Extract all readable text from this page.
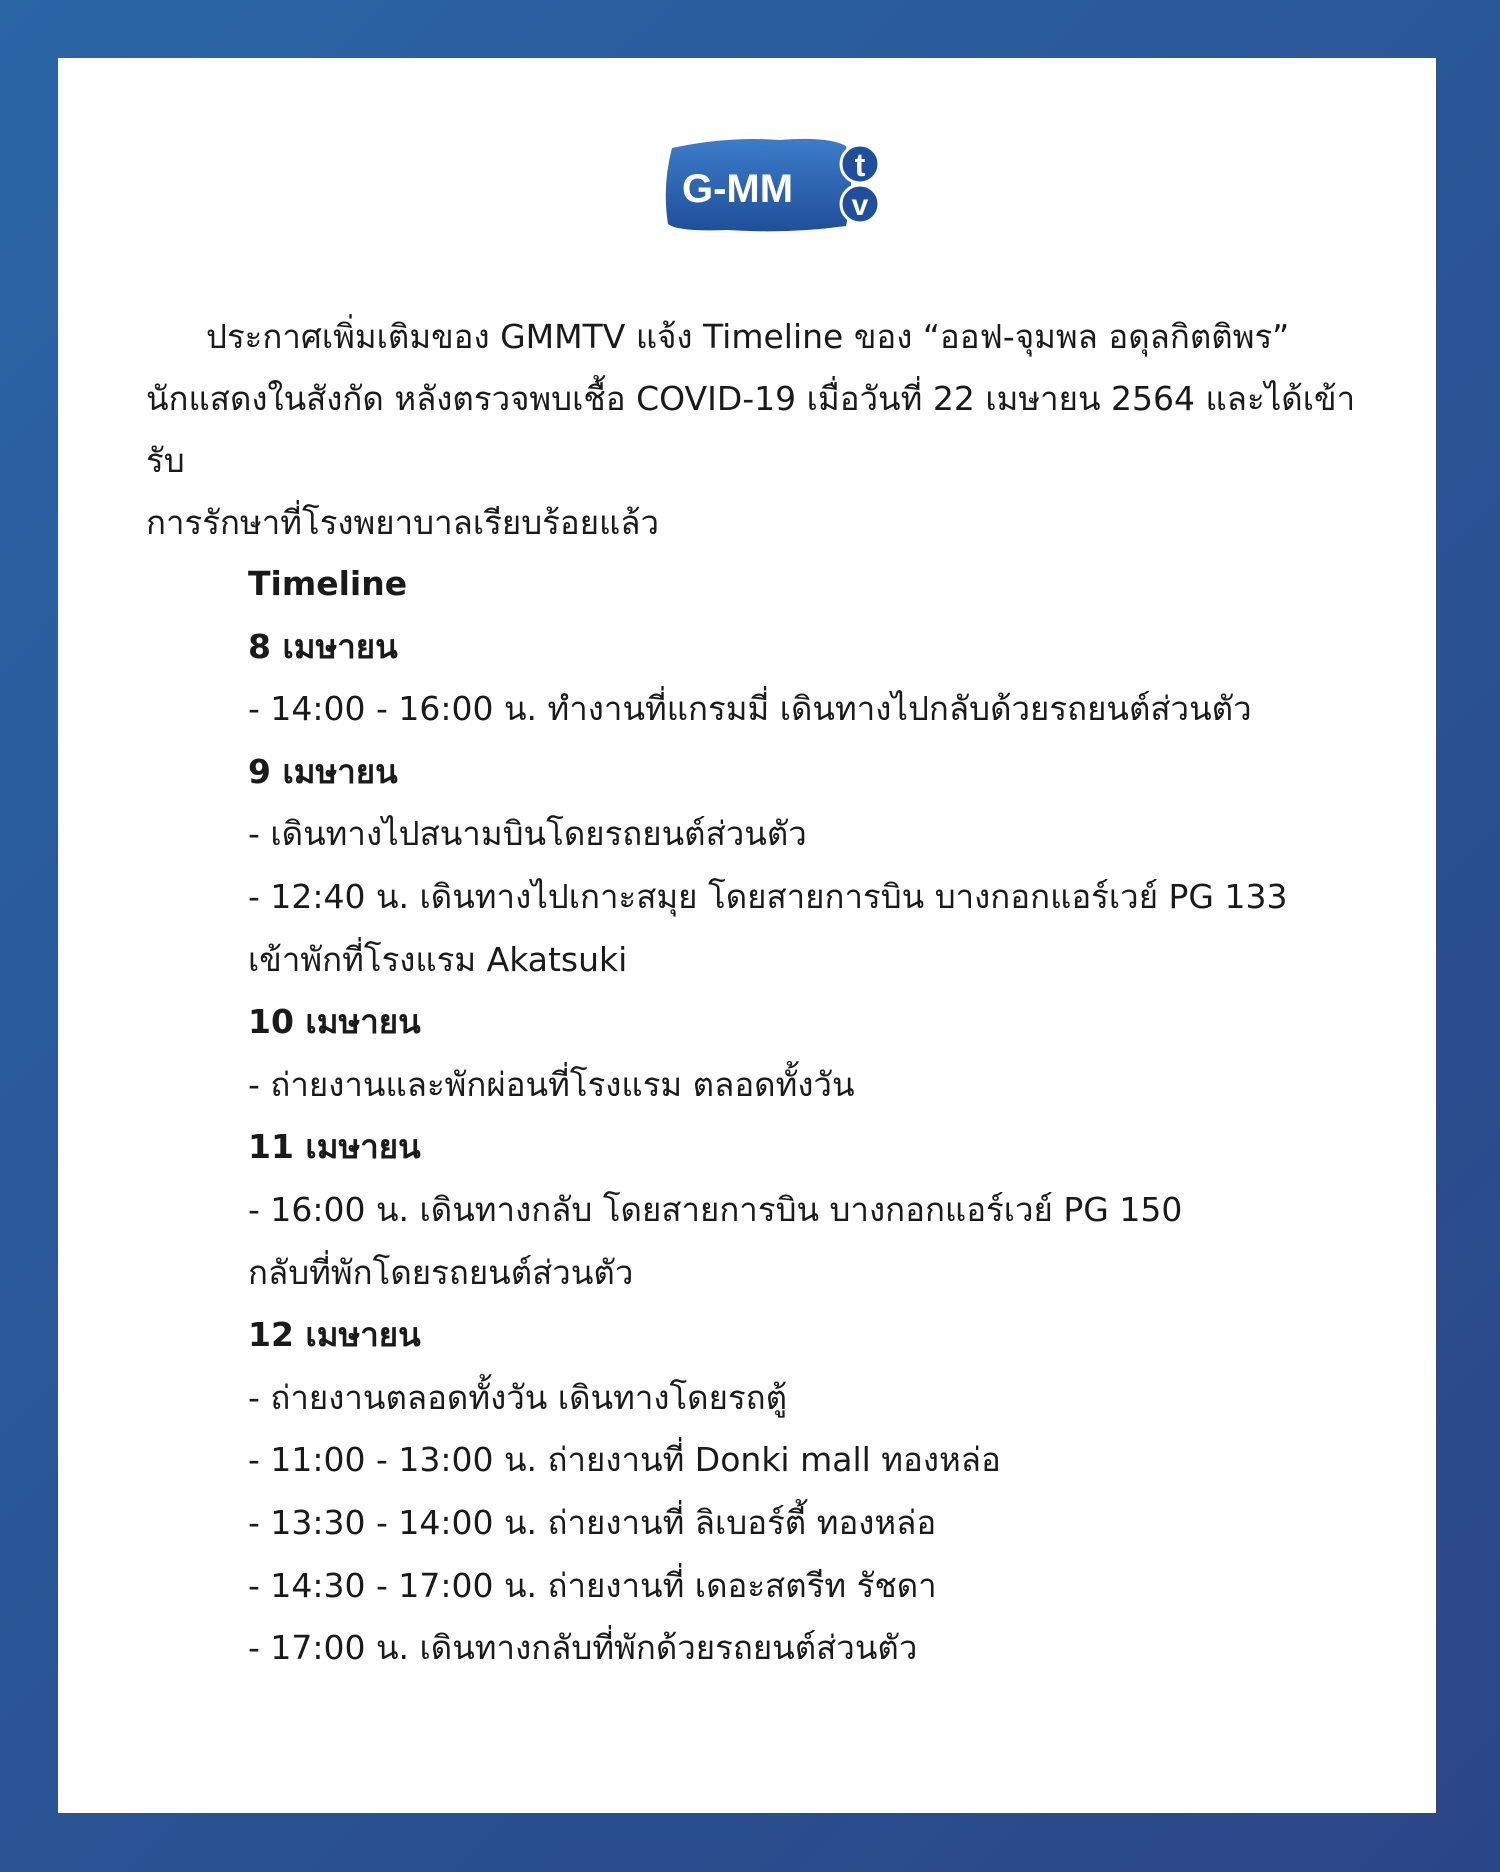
G-MM
t
v
ประกาศเพิ่มเติมของ GMMTV แจ้ง Timeline ของ “ออฟ-จุมพล อดุลกิตติพร”
นักแสดงในสังกัด หลังตรวจพบเชื้อ COVID-19 เมื่อวันที่ 22 เมษายน 2564 และได้เข้ารับ
การรักษาที่โรงพยาบาลเรียบร้อยแล้ว
Timeline
8 เมษายน
- 14:00 - 16:00 น. ทำงานที่แกรมมี่ เดินทางไปกลับด้วยรถยนต์ส่วนตัว
9 เมษายน
- เดินทางไปสนามบินโดยรถยนต์ส่วนตัว
- 12:40 น. เดินทางไปเกาะสมุย โดยสายการบิน บางกอกแอร์เวย์ PG 133
เข้าพักที่โรงแรม Akatsuki
10 เมษายน
- ถ่ายงานและพักผ่อนที่โรงแรม ตลอดทั้งวัน
11 เมษายน
- 16:00 น. เดินทางกลับ โดยสายการบิน บางกอกแอร์เวย์ PG 150
กลับที่พักโดยรถยนต์ส่วนตัว
12 เมษายน
- ถ่ายงานตลอดทั้งวัน เดินทางโดยรถตู้
- 11:00 - 13:00 น. ถ่ายงานที่ Donki mall ทองหล่อ
- 13:30 - 14:00 น. ถ่ายงานที่ ลิเบอร์ตี้ ทองหล่อ
- 14:30 - 17:00 น. ถ่ายงานที่ เดอะสตรีท รัชดา
- 17:00 น. เดินทางกลับที่พักด้วยรถยนต์ส่วนตัว
